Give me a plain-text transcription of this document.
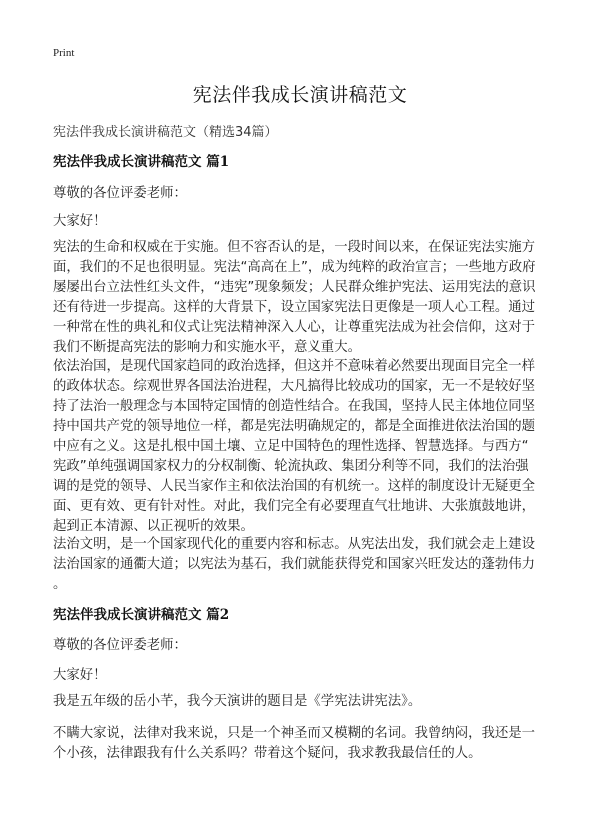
Print
宪法伴我成长演讲稿范文
宪法伴我成长演讲稿范文（精选34篇）
宪法伴我成长演讲稿范文 篇1
尊敬的各位评委老师：
大家好！
宪法的生命和权威在于实施。但不容否认的是，一段时间以来，在保证宪法实施方
面，我们的不足也很明显。宪法“高高在上”，成为纯粹的政治宣言；一些地方政府
屡屡出台立法性红头文件，“违宪”现象频发；人民群众维护宪法、运用宪法的意识
还有待进一步提高。这样的大背景下，设立国家宪法日更像是一项人心工程。通过
一种常在性的典礼和仪式让宪法精神深入人心，让尊重宪法成为社会信仰，这对于
我们不断提高宪法的影响力和实施水平，意义重大。
依法治国，是现代国家趋同的政治选择，但这并不意味着必然要出现面目完全一样
的政体状态。综观世界各国法治进程，大凡搞得比较成功的国家，无一不是较好坚
持了法治一般理念与本国特定国情的创造性结合。在我国，坚持人民主体地位同坚
持中国共产党的领导地位一样，都是宪法明确规定的，都是全面推进依法治国的题
中应有之义。这是扎根中国土壤、立足中国特色的理性选择、智慧选择。与西方“
宪政”单纯强调国家权力的分权制衡、轮流执政、集团分利等不同，我们的法治强
调的是党的领导、人民当家作主和依法治国的有机统一。这样的制度设计无疑更全
面、更有效、更有针对性。对此，我们完全有必要理直气壮地讲、大张旗鼓地讲，
起到正本清源、以正视听的效果。
法治文明，是一个国家现代化的重要内容和标志。从宪法出发，我们就会走上建设
法治国家的通衢大道；以宪法为基石，我们就能获得党和国家兴旺发达的蓬勃伟力
。
宪法伴我成长演讲稿范文 篇2
尊敬的各位评委老师：
大家好！
我是五年级的岳小芊，我今天演讲的题目是《学宪法讲宪法》。
不瞒大家说，法律对我来说，只是一个神圣而又模糊的名词。我曾纳闷，我还是一
个小孩，法律跟我有什么关系吗？带着这个疑问，我求教我最信任的人。
